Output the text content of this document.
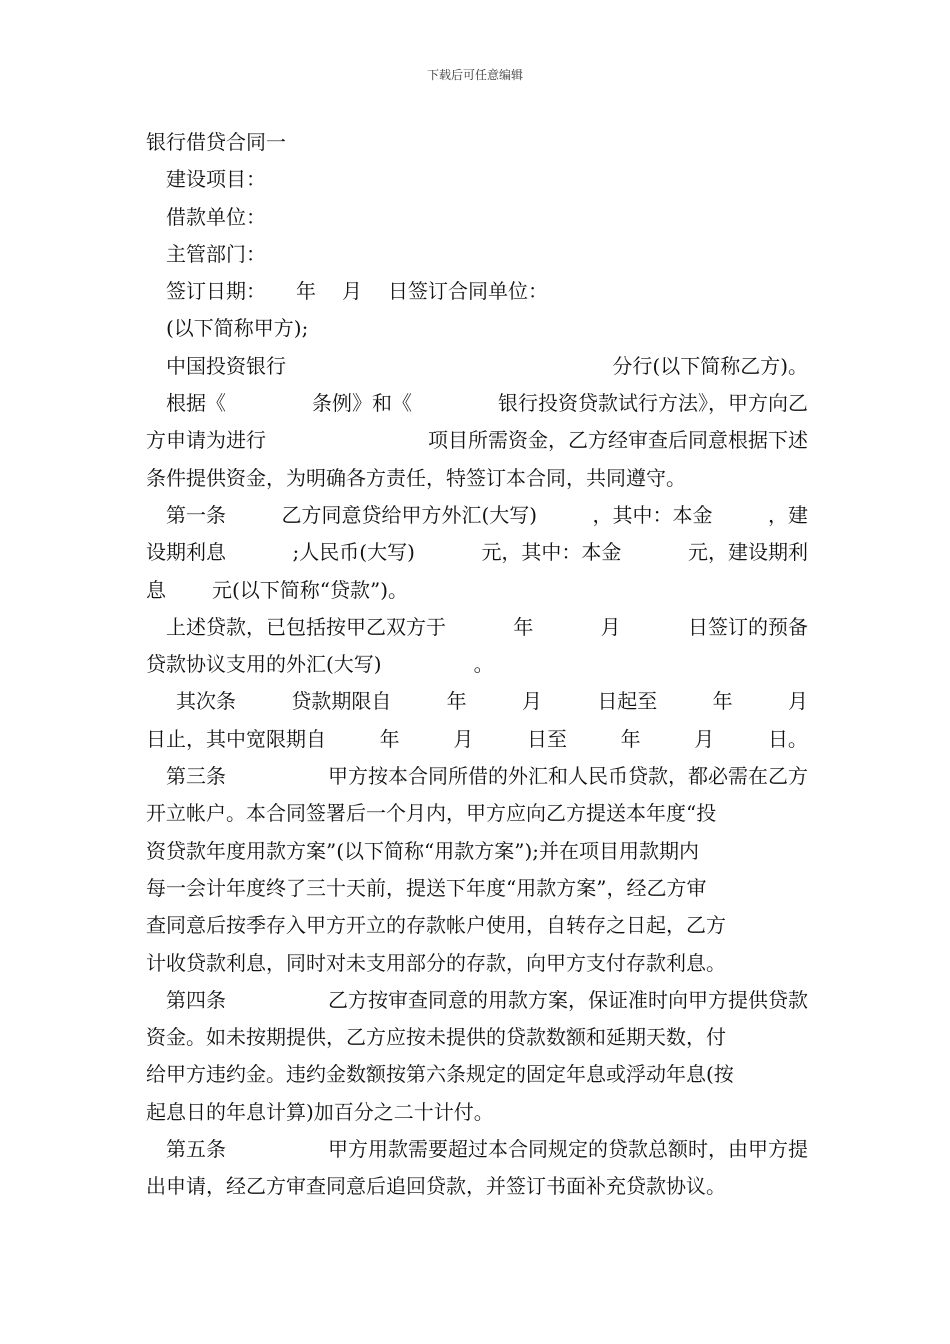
下载后可任意编辑
银行借贷合同一
建设项目：
借款单位：
主管部门：
签订日期： 年 月 日签订合同单位：
(以下简称甲方);
中国投资银行	分行(以下简称乙方)。
根据《	条例》和《	银行投资贷款试行方法》，甲方向乙
方申请为进行	项目所需资金，乙方经审查后同意根据下述
条件提供资金，为明确各方责任，特签订本合同，共同遵守。
第一条	乙方同意贷给甲方外汇(大写)	，其中：本金	，建
设期利息	;人民币(大写)	元，其中：本金	元，建设期利
息 元(以下简称“贷款”)。
上述贷款，已包括按甲乙双方于	年	月	日签订的预备
贷款协议支用的外汇(大写)	。
其次条	贷款期限自	年	月	日起至	年	月
日止，其中宽限期自	年	月	日至	年	月	日。
第三条	甲方按本合同所借的外汇和人民币贷款，都必需在乙方
开立帐户。本合同签署后一个月内，甲方应向乙方提送本年度“投
资贷款年度用款方案”(以下简称“用款方案”);并在项目用款期内
每一会计年度终了三十天前，提送下年度“用款方案”，经乙方审
查同意后按季存入甲方开立的存款帐户使用，自转存之日起，乙方
计收贷款利息，同时对未支用部分的存款，向甲方支付存款利息。
第四条	乙方按审查同意的用款方案，保证准时向甲方提供贷款
资金。如未按期提供，乙方应按未提供的贷款数额和延期天数，付
给甲方违约金。违约金数额按第六条规定的固定年息或浮动年息(按
起息日的年息计算)加百分之二十计付。
第五条	甲方用款需要超过本合同规定的贷款总额时，由甲方提
出申请，经乙方审查同意后追回贷款，并签订书面补充贷款协议。
